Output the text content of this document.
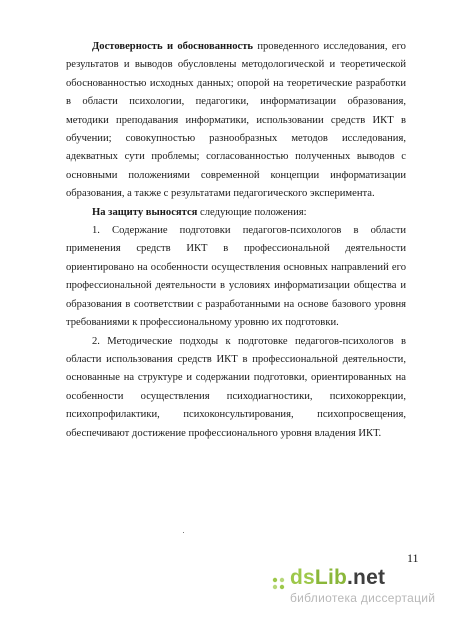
Достоверность и обоснованность проведенного исследования, его результатов и выводов обусловлены методологической и теоретической обоснованностью исходных данных; опорой на теоретические разработки в области психологии, педагогики, информатизации образования, методики преподавания информатики, использовании средств ИКТ в обучении; совокупностью разнообразных методов исследования, адекватных сути проблемы; согласованностью полученных выводов с основными положениями современной концепции информатизации образования, а также с результатами педагогического эксперимента.

На защиту выносятся следующие положения:

1. Содержание подготовки педагогов-психологов в области применения средств ИКТ в профессиональной деятельности ориентировано на особенности осуществления основных направлений его профессиональной деятельности в условиях информатизации общества и образования в соответствии с разработанными на основе базового уровня требованиями к профессиональному уровню их подготовки.

2. Методические подходы к подготовке педагогов-психологов в области использования средств ИКТ в профессиональной деятельности, основанные на структуре и содержании подготовки, ориентированных на особенности осуществления психодиагностики, психокоррекции, психопрофилактики, психоконсультирования, психопросвещения, обеспечивают достижение профессионального уровня владения ИКТ.

11
dsLib.net
библиотека диссертаций
